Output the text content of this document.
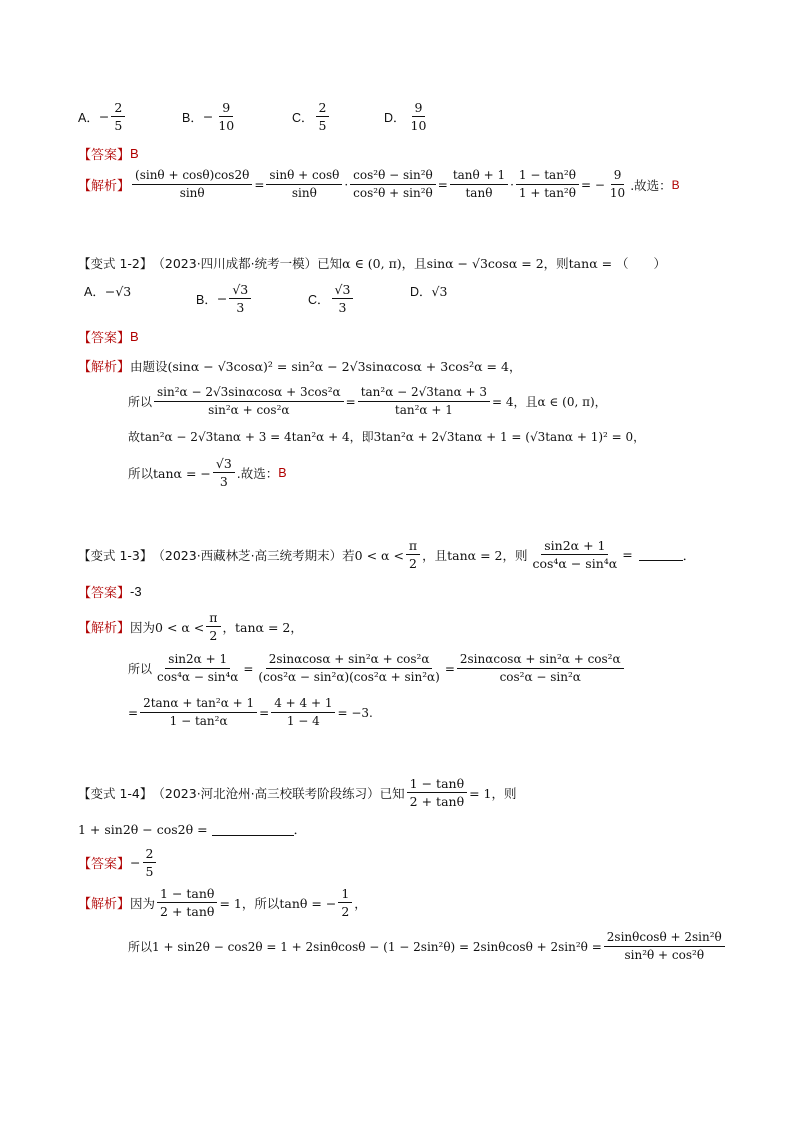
A． − $\frac{2}{5}$	B． − $\frac{9}{10}$	C． $\frac{2}{5}$	D． $\frac{9}{10}$
【答案】 B
【解析】 $\frac{(\sin\theta + \cos\theta)\cos 2\theta}{\sin\theta} = \frac{\sin\theta + \cos\theta}{\sin\theta} \cdot \frac{\text{cos²θ − sin²θ}}{\text{cos²θ + sin²θ}} = \frac{\tan\theta + 1}{\tan\theta} \cdot \frac{\text{1 − tan²θ}}{\text{1 + tan²θ}}$ = − $\frac{9}{10}$ .故选： B
【变式 1-2】 （2023·四川成都·统考一模） 已知α ∈ (0, π)，且sinα − √3cosα = 2，则tanα = （　　）
A． −√3
B． − $\frac{√3}{3}$	C． $\frac{√3}{3}$	D． √3
【答案】 B
【解析】 由题设(sinα − √3cosα)² = sin²α − 2√3sinαcosα + 3cos²α = 4，
所以 $\frac{\text{sin²α − 2√3sinαcosα + 3cos²α}}{\text{sin²α + cos²α}} = \frac{\text{tan²α − 2√3tanα + 3}}{\text{tan²α + 1}} = 4$，且α ∈ (0, π)，
故tan²α − 2√3tanα + 3 = 4tan²α + 4，即3tan²α + 2√3tanα + 1 = (√3tanα + 1)² = 0，
所以tanα = − $\frac{√3}{3}$ .故选： B
【变式 1-3】 （2023·西藏林芝·高三统考期末） 若$0 < \alpha < \frac{\pi}{2}$ ，且tanα = 2，则 $\frac{\sin 2\alpha + 1}{\text{cos⁴α − sin⁴α}}$ =	．
【答案】 -3
【解析】 因为$0 < \alpha < \frac{\pi}{2}$ ，tanα = 2，
所以 $\frac{\sin 2\alpha + 1}{\text{cos⁴α − sin⁴α}} = \frac{\text{2sinαcosα + sin²α + cos²α}}{\text{(cos²α − sin²α)(cos²α + sin²α)}} = \frac{\text{2sinαcosα + sin²α + cos²α}}{\text{cos²α − sin²α}}$
= $\frac{\text{2tanα + tan²α + 1}}{\text{1 − tan²α}} = \frac{4 + 4 + 1}{1 - 4} = -3$.
【变式 1-4】 （2023·河北沧州·高三校联考阶段练习） 已知 $\frac{1 - \tan\theta}{2 + \tan\theta} = 1$，则
1 + sin2θ − cos2θ =	．
【答案】 − $\frac{2}{5}$
【解析】 因为 $\frac{1 - \tan\theta}{2 + \tan\theta} = 1$，所以tanθ = − $\frac{1}{2}$ ，
所以$1 + \sin 2\theta - \cos 2\theta = 1 + 2\sin\theta\cos\theta - (1 - 2\sin^2\theta) = 2\sin\theta\cos\theta + 2\sin^2\theta = \frac{\text{2sinθcosθ + 2sin²θ}}{\text{sin²θ + cos²θ}}$
